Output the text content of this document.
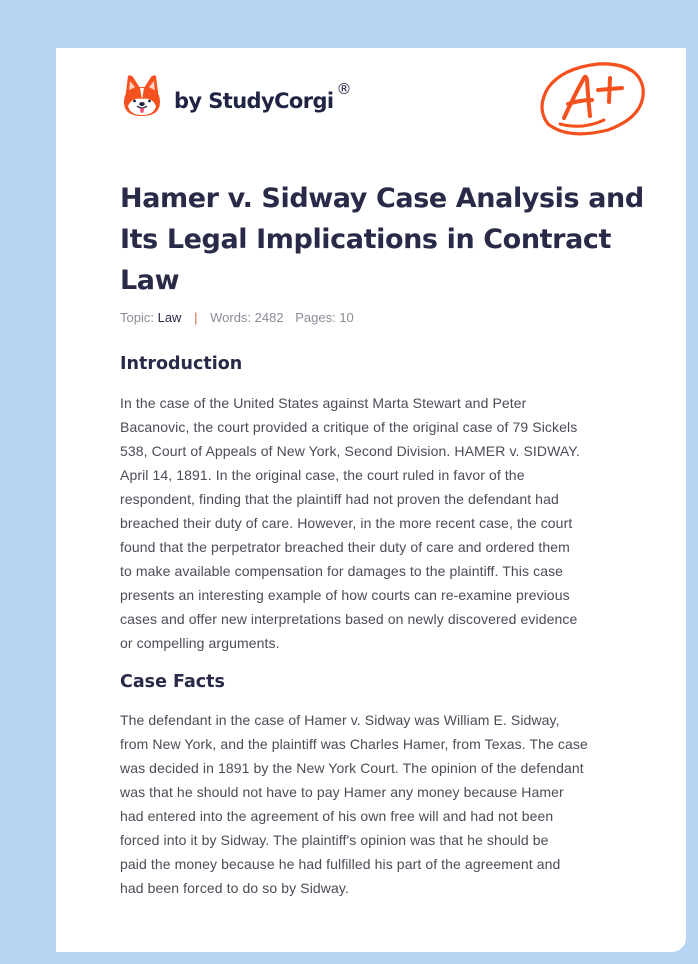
by StudyCorgi ®
Hamer v. Sidway Case Analysis and
Its Legal Implications in Contract
Law
Topic: Law | Words: 2482 Pages: 10
Introduction

In the case of the United States against Marta Stewart and Peter
Bacanovic, the court provided a critique of the original case of 79 Sickels
538, Court of Appeals of New York, Second Division. HAMER v. SIDWAY.
April 14, 1891. In the original case, the court ruled in favor of the
respondent, finding that the plaintiff had not proven the defendant had
breached their duty of care. However, in the more recent case, the court
found that the perpetrator breached their duty of care and ordered them
to make available compensation for damages to the plaintiff. This case
presents an interesting example of how courts can re-examine previous
cases and offer new interpretations based on newly discovered evidence
or compelling arguments.

Case Facts

The defendant in the case of Hamer v. Sidway was William E. Sidway,
from New York, and the plaintiff was Charles Hamer, from Texas. The case
was decided in 1891 by the New York Court. The opinion of the defendant
was that he should not have to pay Hamer any money because Hamer
had entered into the agreement of his own free will and had not been
forced into it by Sidway. The plaintiff's opinion was that he should be
paid the money because he had fulfilled his part of the agreement and
had been forced to do so by Sidway.
